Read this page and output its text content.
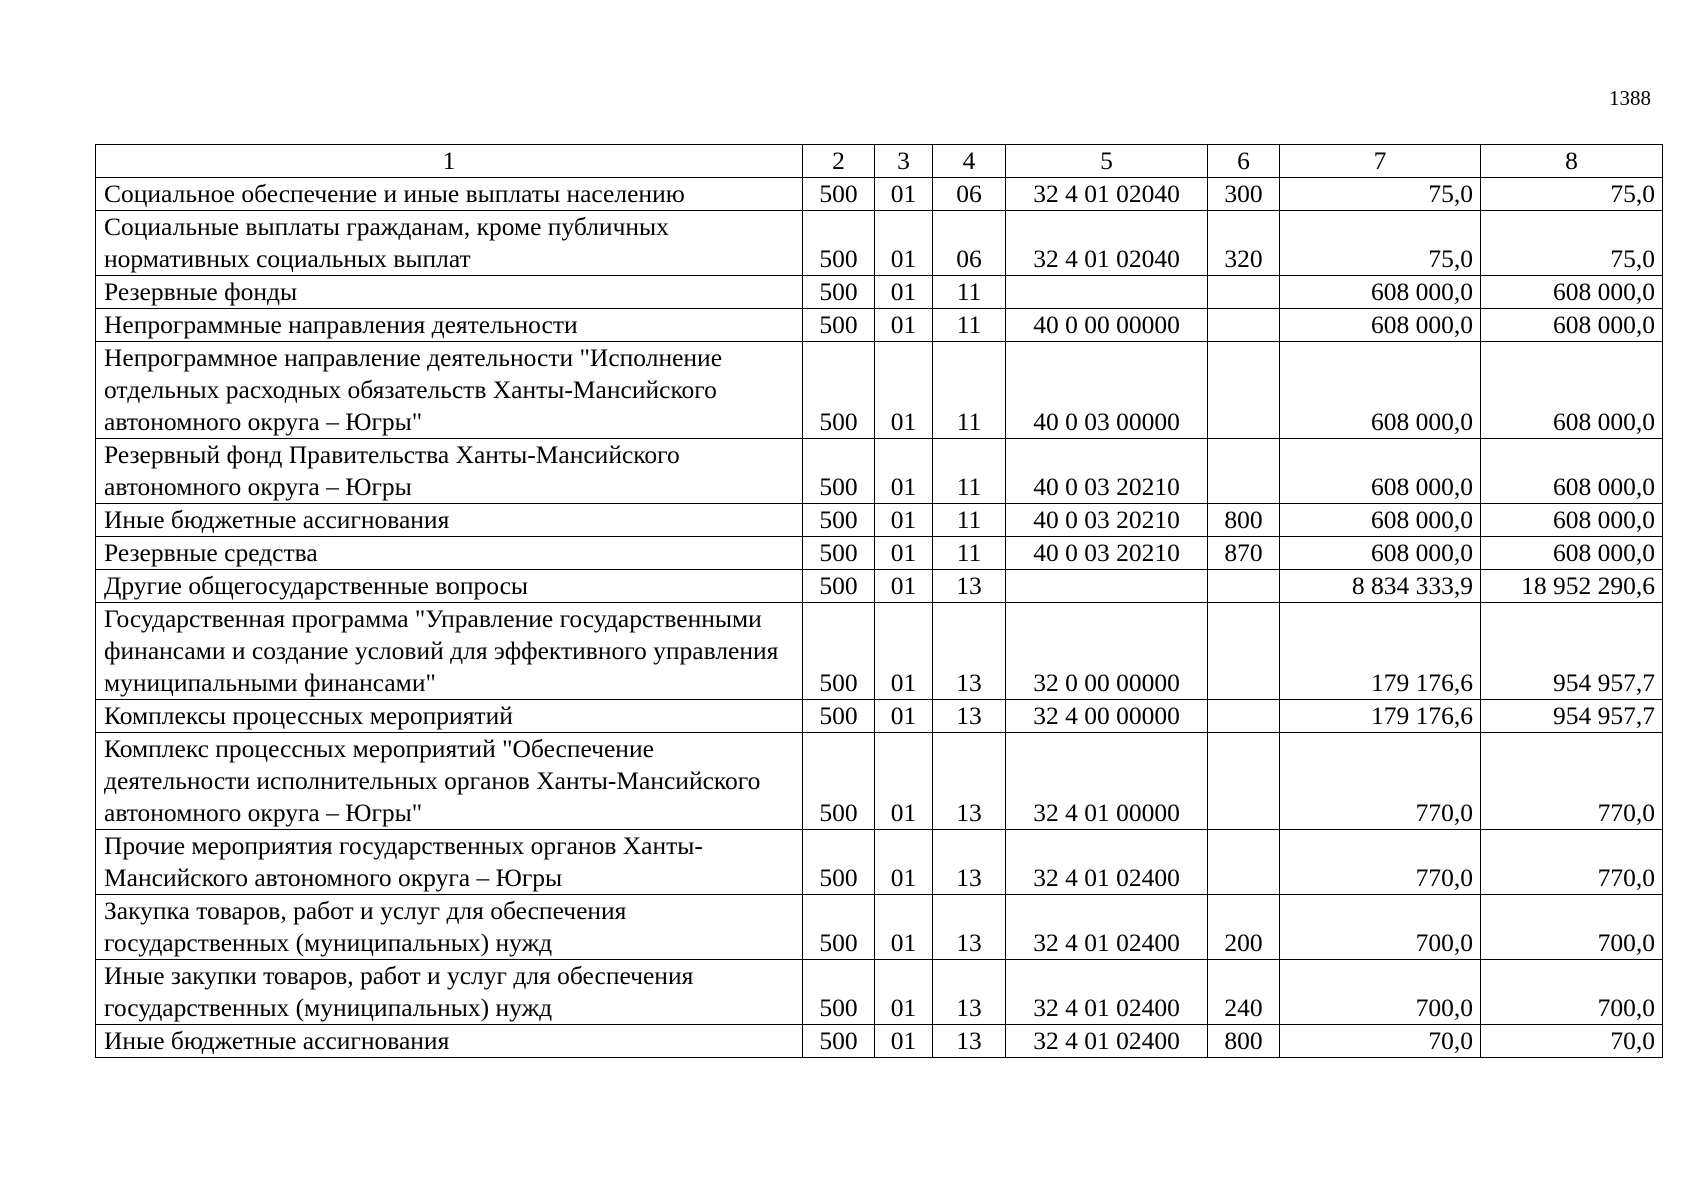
1388
1	2	3	4	5	6	7	8
Социальное обеспечение и иные выплаты населению	500	01	06	32 4 01 02040	300	75,0	75,0
Социальные выплаты гражданам, кроме публичных нормативных социальных выплат	500	01	06	32 4 01 02040	320	75,0	75,0
Резервные фонды	500	01	11			608 000,0	608 000,0
Непрограммные направления деятельности	500	01	11	40 0 00 00000		608 000,0	608 000,0
Непрограммное направление деятельности "Исполнение отдельных расходных обязательств Ханты-Мансийского автономного округа – Югры"	500	01	11	40 0 03 00000		608 000,0	608 000,0
Резервный фонд Правительства Ханты-Мансийского автономного округа – Югры	500	01	11	40 0 03 20210		608 000,0	608 000,0
Иные бюджетные ассигнования	500	01	11	40 0 03 20210	800	608 000,0	608 000,0
Резервные средства	500	01	11	40 0 03 20210	870	608 000,0	608 000,0
Другие общегосударственные вопросы	500	01	13			8 834 333,9	18 952 290,6
Государственная программа "Управление государственными финансами и создание условий для эффективного управления муниципальными финансами"	500	01	13	32 0 00 00000		179 176,6	954 957,7
Комплексы процессных мероприятий	500	01	13	32 4 00 00000		179 176,6	954 957,7
Комплекс процессных мероприятий "Обеспечение деятельности исполнительных органов Ханты-Мансийского автономного округа – Югры"	500	01	13	32 4 01 00000		770,0	770,0
Прочие мероприятия государственных органов Ханты-Мансийского автономного округа – Югры	500	01	13	32 4 01 02400		770,0	770,0
Закупка товаров, работ и услуг для обеспечения государственных (муниципальных) нужд	500	01	13	32 4 01 02400	200	700,0	700,0
Иные закупки товаров, работ и услуг для обеспечения государственных (муниципальных) нужд	500	01	13	32 4 01 02400	240	700,0	700,0
Иные бюджетные ассигнования	500	01	13	32 4 01 02400	800	70,0	70,0
